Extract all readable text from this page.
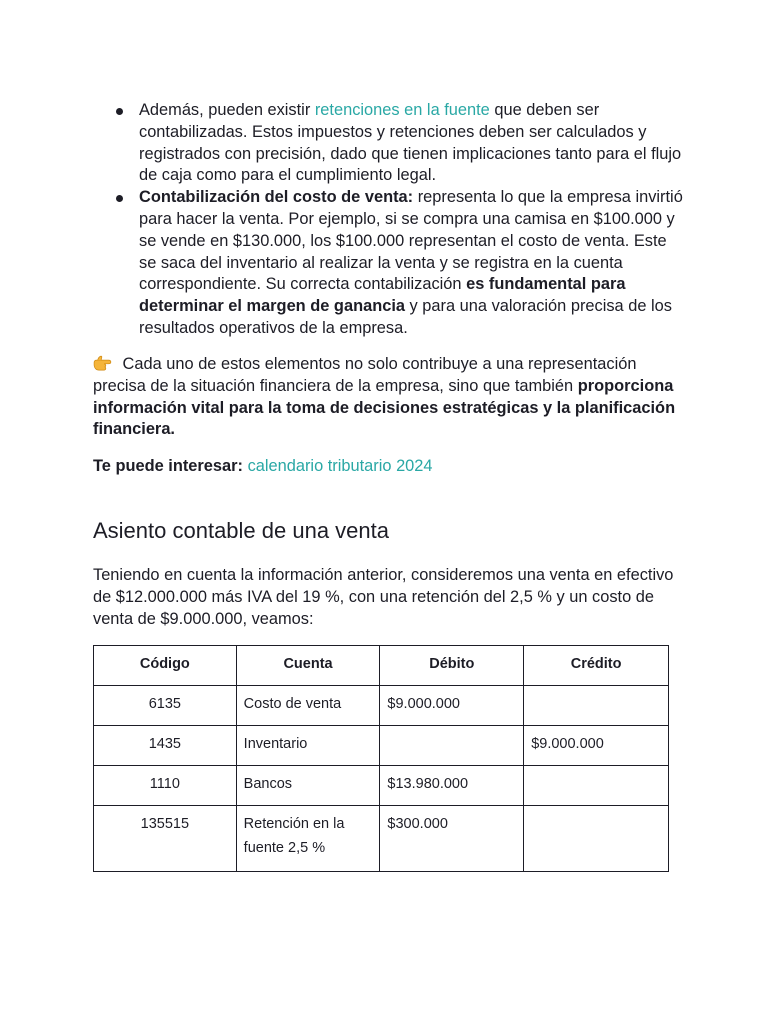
Además, pueden existir retenciones en la fuente que deben ser contabilizadas. Estos impuestos y retenciones deben ser calculados y registrados con precisión, dado que tienen implicaciones tanto para el flujo de caja como para el cumplimiento legal.
Contabilización del costo de venta: representa lo que la empresa invirtió para hacer la venta. Por ejemplo, si se compra una camisa en $100.000 y se vende en $130.000, los $100.000 representan el costo de venta. Este se saca del inventario al realizar la venta y se registra en la cuenta correspondiente. Su correcta contabilización es fundamental para determinar el margen de ganancia y para una valoración precisa de los resultados operativos de la empresa.

Cada uno de estos elementos no solo contribuye a una representación precisa de la situación financiera de la empresa, sino que también proporciona información vital para la toma de decisiones estratégicas y la planificación financiera.

Te puede interesar: calendario tributario 2024

Asiento contable de una venta

Teniendo en cuenta la información anterior, consideremos una venta en efectivo de $12.000.000 más IVA del 19 %, con una retención del 2,5 % y un costo de venta de $9.000.000, veamos:

Código	Cuenta	Débito	Crédito
6135	Costo de venta	$9.000.000	
1435	Inventario		$9.000.000
1110	Bancos	$13.980.000	
135515	Retención en la fuente 2,5 %	$300.000	
